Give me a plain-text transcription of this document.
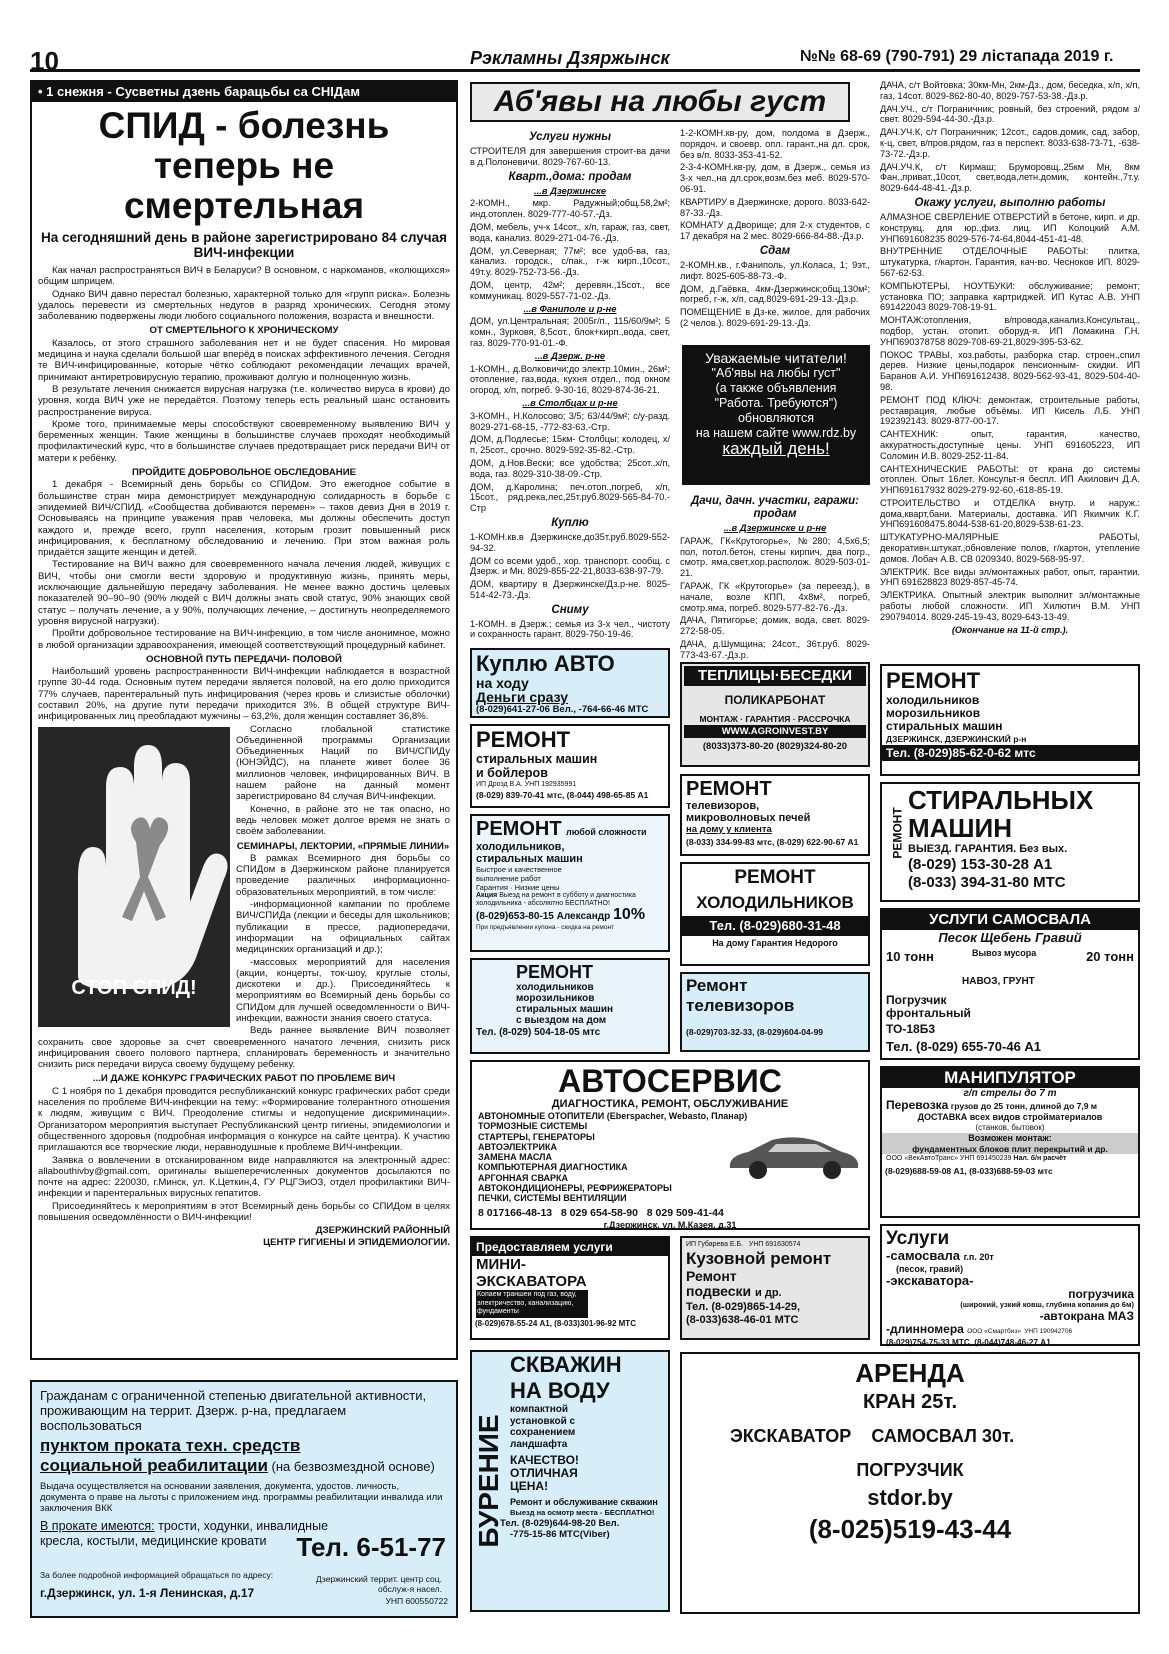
10	Рэкламны Дзяржынск	№№ 68-69 (790-791) 29 лістапада 2019 г.
• 1 снежня - Сусветны дзень барацьбы са СНІДам
СПИД - болезнь теперь не смертельная
На сегодняшний день в районе зарегистрировано 84 случая ВИЧ-инфекции

Как начал распространяться ВИЧ в Беларуси? В основном, с наркоманов, «колющихся» общим шприцем.

Однако ВИЧ давно перестал болезнью, характерной только для «групп риска». Болезнь удалось перевести из смертельных недугов в разряд хронических. Сегодня этому заболеванию подвержены люди любого социального положения, возраста и внешности.

ОТ СМЕРТЕЛЬНОГО К ХРОНИЧЕСКОМУ

Казалось, от этого страшного заболевания нет и не будет спасения. Но мировая медицина и наука сделали большой шаг вперёд в поисках эффективного лечения. Сегодня те ВИЧ-инфицированные, которые чётко соблюдают рекомендации лечащих врачей, принимают антиретровирусную терапию, проживают долгую и полноценную жизнь.

В результате лечения снижается вирусная нагрузка (т.е. количество вируса в крови) до уровня, когда ВИЧ уже не передаётся. Поэтому теперь есть реальный шанс остановить распространение вируса.

Кроме того, принимаемые меры способствуют своевременному выявлению ВИЧ у беременных женщин. Такие женщины в большинстве случаев проходят необходимый профилактический курс, что в большинстве случаев предотвращает риск передачи ВИЧ от матери к ребёнку.

ПРОЙДИТЕ ДОБРОВОЛЬНОЕ ОБСЛЕДОВАНИЕ

1 декабря - Всемирный день борьбы со СПИДом. Это ежегодное событие в большинстве стран мира демонстрирует международную солидарность в борьбе с эпидемией ВИЧ/СПИД. «Сообщества добиваются перемен» – таков девиз Дня в 2019 г. Основываясь на принципе уважения прав человека, мы должны обеспечить доступ каждого и, прежде всего, групп населения, которым грозит повышенный риск инфицирования, к бесплатному обследованию и лечению. При этом важная роль придаётся защите женщин и детей.

Тестирование на ВИЧ важно для своевременного начала лечения людей, живущих с ВИЧ, чтобы они смогли вести здоровую и продуктивную жизнь, принять меры, исключающие дальнейшую передачу заболевания. Не менее важно достичь целевых показателей 90–90–90 (90% людей с ВИЧ должны знать свой статус, 90% знающих свой статус – получать лечение, а у 90%, получающих лечение, – достигнуть неопределяемого уровня вирусной нагрузки).

Пройти добровольное тестирование на ВИЧ-инфекцию, в том числе анонимное, можно в любой организации здравоохранения, имеющей соответствующий процедурный кабинет.

ОСНОВНОЙ ПУТЬ ПЕРЕДАЧИ- ПОЛОВОЙ

Наибольший уровень распространенности ВИЧ-инфекции наблюдается в возрастной группе 30-44 года. Основным путем передачи является половой, на его долю приходится 77% случаев, парентеральный путь инфицирования (через кровь и слизистые оболочки) составил 20%, на другие пути передачи приходится 3%. В общей структуре ВИЧ-инфицированных лиц преобладают мужчины – 63,2%, доля женщин составляет 36,8%.

СТОП СПИД!

Согласно глобальной статистике Объединенной программы Организации Объединенных Наций по ВИЧ/СПИДу (ЮНЭЙДС), на планете живет более 36 миллионов человек, инфицированных ВИЧ. В нашем районе на данный момент зарегистрировано 84 случая ВИЧ-инфекции.

Конечно, в районе это не так опасно, но ведь человек может долгое время не знать о своём заболевании.

СЕМИНАРЫ, ЛЕКТОРИИ, «ПРЯМЫЕ ЛИНИИ»

В рамках Всемирного дня борьбы со СПИДом в Дзержинском районе планируется проведение различных информационно-образовательных мероприятий, в том числе:

-информационной кампании по проблеме ВИЧ/СПИДа (лекции и беседы для школьников; публикации в прессе, радиопередачи, информации на официальных сайтах медицинских организаций и др.);

-массовых мероприятий для населения (акции, концерты, ток-шоу, круглые столы, дискотеки и др.). Присоединяйтесь к мероприятиям во Всемирный день борьбы со СПИДом для лучшей осведомленности о ВИЧ-инфекции, важности знания своего статуса.

Ведь раннее выявление ВИЧ позволяет сохранить свое здоровье за счет своевременного начатого лечения, снизить риск инфицирования своего полового партнера, спланировать беременность и значительно снизить риск передачи вируса своему будущему ребенку.

...И ДАЖЕ КОНКУРС ГРАФИЧЕСКИХ РАБОТ ПО ПРОБЛЕМЕ ВИЧ

С 1 ноября по 1 декабря проводится республиканский конкурс графических работ среди населения по проблеме ВИЧ-инфекции на тему: «Формирование толерантного отношения к людям, живущим с ВИЧ. Преодоление стигмы и недопущение дискриминации». Организатором мероприятия выступает Республиканский центр гигиены, эпидемиологии и общественного здоровья (подробная информация о конкурсе на сайте центра). К участию приглашаются все творческие люди, неравнодушные к проблеме ВИЧ-инфекции.

Заявка о вовлечении в отсканированном виде направляются на электронный адрес: allabouthivby@gmail.com, оригиналы вышеперечисленных документов досылаются по почте на адрес: 220030, г.Минск, ул. К.Цеткин,4, ГУ РЦГЭиОЗ, отдел профилактики ВИЧ-инфекции и парентеральных вирусных гепатитов.

Присоединяйтесь к мероприятиям в этот Всемирный день борьбы со СПИДом в целях повышения осведомлённости о ВИЧ-инфекции!

ДЗЕРЖИНСКИЙ РАЙОННЫЙ
ЦЕНТР ГИГИЕНЫ И ЭПИДЕМИОЛОГИИ.
Гражданам с ограниченной степенью двигательной активности, проживающим на террит. Дзерж. р-на, предлагаем воспользоваться
пунктом проката техн. средств
социальной реабилитации (на безвозмездной основе)
Выдача осуществляется на основании заявления, документа, удостов. личность, документа о праве на льготы с приложением инд. программы реабилитации инвалида или заключения ВКК
В прокате имеются: трости, ходунки, инвалидные кресла, костыли, медицинские кровати	Тел. 6-51-77
За более подробной информацией обращаться по адресу:
г.Дзержинск, ул. 1-я Ленинская, д.17
Дзержинский террит. центр соц. обслуж-я насел.
УНП 600550722
Аб'явы на любы густ
Услуги нужны

СТРОИТЕЛЯ для завершения строит-ва дачи в д.Полоневичи. 8029-767-60-13.

Кварт.,дома: продам
...в Дзержинске

2-КОМН., мкр. Радужный;общ.58,2м²; инд.отоплен. 8029-777-40-57.-Дз.

ДОМ, мебель, уч-к 14сот., х/п, гараж, газ, свет, вода, канализ. 8029-271-04-76.-Дз.

ДОМ, ул.Северная; 77м²; все удоб-ва, газ, канализ. городск., с/пак., г-ж кирп.,10сот., 49т.у. 8029-752-73-56.-Дз.

ДОМ, центр, 42м²; деревян.,15сот., все коммуникац. 8029-557-71-02.-Дз.

...в Фаниполе и р-не

ДОМ, ул.Центральная; 2005г/п., 115/60/9м²; 5 комн., Зурковя, 8,5сот., блок+кирп.,вода, свет, газ. 8029-770-91-01.-Ф.

...в Дзерж. р-не

1-КОМН., д.Волковичи;до электр.10мин., 26м²; отопление, газ,вода, кухня отдел., под окном огород, х/п, погреб. 9-30-16, 8029-874-36-21.

...в Столбцах и р-не

3-КОМН., Н.Колосово; 3/5; 63/44/9м²; с/у-разд. 8029-271-68-15, -772-83-63.-Стр.

ДОМ, д.Подлесье; 15км- Столбцы; колодец, х/п, 25сот., срочно. 8029-592-35-82.-Стр.

ДОМ, д.Нов.Вески; все удобства; 25сот.,х/п, вода, газ. 8029-310-38-09.-Стр.

ДОМ, д.Каролина; печ.отоп.,погреб, х/п, 15сот., ряд.река,лес,25т.руб.8029-565-84-70.-Стр

Куплю

1-КОМН.кв.в Дзержинске,до35т.руб.8029-552-94-32.

ДОМ со всеми удоб., хор. транспорт. сообщ. с Дзерж. и Мн. 8029-855-22-21,8033-638-97-79.

ДОМ, квартиру в Дзержинске/Дз.р-не. 8025-514-42-73.-Дз.

Сниму

1-КОМН. в Дзерж.; семья из 3-х чел., чистоту и сохранность гарант. 8029-750-19-46.

1-2-КОМН.кв-ру, дом, полдома в Дзерж., порядоч. и своевр. опл. гарант.,на дл. срок, без в/п. 8033-353-41-52.

2-3-4-КОМН.кв-ру, дом, в Дзерж., семья из 3-х чел.,на дл.срок,возм.без меб. 8029-570-06-91.

КВАРТИРУ в Дзержинске, дорого. 8033-642-87-33.-Дз.

КОМНАТУ д.Дворище; для 2-х студентов, с 17 декабря на 2 мес. 8029-666-84-88.-Дз.р.

Сдам

2-КОМН.кв., г.Фаниполь, ул.Коласа, 1; 9эт., лифт. 8025-605-88-73.-Ф.

ДОМ, д.Гаёвка, 4км-Дзержинск;общ.130м²; погреб, г-ж, х/п, сад.8029-691-29-13.-Дз.р.

ПОМЕЩЕНИЕ в Дз-ке, жилое, для рабочих (2 челов.). 8029-691-29-13.-Дз.

Уважаемые читатели!
"Аб'явы на любы густ"
(а также объявления
"Работа. Требуются")
обновляются
на нашем сайте www.rdz.by
каждый день!
Дачи, дачн. участки, гаражи: продам
...в Дзержинске и р-не

ГАРАЖ, ГК«Крутогорье», №280; 4,5х6,5; пол, потол.бетон, стены кирпич, два погр., смотр. яма,свет,хор.располож. 8029-503-01-21.

ГАРАЖ, ГК «Крутогорье» (за переезд.), в начале, возле КПП, 4х8м², погреб, смотр.яма, погреб. 8029-577-82-76.-Дз.

ДАЧА, Пятигорье; домик, вода, свет. 8029-272-58-05.

ДАЧА, д.Шумщина; 24сот., 36т.руб. 8029-773-43-67.-Дз.р.

ДАЧА, с/т Войтовка; 30км-Мн, 2км-Дз., дом, беседка, х/п, х/п, газ, 14сот. 8029-862-80-40, 8029-757-53-38.-Дз.р.

ДАЧ.УЧ., с/т Пограничник; ровный, без строений, рядом з/свет. 8029-594-44-30.-Дз.р.

ДАЧ.УЧ.К, с/т Пограничник; 12сот., садов.домик, сад, забор, к-ц, свет, в/пров.рядом, газ в перспект. 8033-638-73-71, -638-73-72.-Дз.р.

ДАЧ.УЧ.К, с/т Кирмаш; Бруморовщ.,25км Мн, 8км Фан.,приват.,10сот, свет,вода,летн.домик, контейн.,7т.у. 8029-644-48-41.-Дз.р.

Окажу услуги, выполню работы

АЛМАЗНОЕ СВЕРЛЕНИЕ ОТВЕРСТИЙ в бетоне, кирп. и др. конструкц. для юр.,физ. лиц. ИП Колоцкий А.М. УНП691608235 8029-576-74-64,8044-451-41-48.

ВНУТРЕННИЕ ОТДЕЛОЧНЫЕ РАБОТЫ: плитка, штукатурка, г/картон. Гарантия, кач-во. Чесноков ИП. 8029-567-62-53.

КОМПЬЮТЕРЫ, НОУТБУКИ: обслуживание; ремонт; установка ПО; заправка картриджей. ИП Кутас А.В. УНП 691422043 8029-708-19-91.

МОНТАЖ:отопления, в/провода,канализ.Консультац., подбор, устан. отопит. оборуд-я. ИП Ломакина Г.Н. УНП690378758 8029-708-69-21,8029-395-53-62.

ПОКОС ТРАВЫ, хоз.работы, разборка стар. строен.,спил дерев. Низкие цены,подарок пенсионным- скидки. ИП Баранов А.И. УНП691612438. 8029-562-93-41, 8029-504-40-98.

РЕМОНТ ПОД КЛЮЧ: демонтаж, строительные работы, реставрация, любые объёмы. ИП Кисель Л.Б. УНП 192392143. 8029-877-00-17.

САНТЕХНИК: опыт, гарантия, качество, аккуратность,доступные цены. УНП 691605223, ИП Соломин И.В. 8029-252-11-84.

САНТЕХНИЧЕСКИЕ РАБОТЫ: от крана до системы отоплен. Опыт 16лет. Консульт-я беспл. ИП Акилович Д.А. УНП691617932 8029-279-92-60,-618-85-19.

СТРОИТЕЛЬСТВО и ОТДЕЛКА внутр. и наруж.: дома,кварт,бани. Материалы, доставка. ИП Якимчик К.Г. УНП691608475.8044-538-61-20,8029-538-61-23.

ШТУКАТУРНО-МАЛЯРНЫЕ РАБОТЫ, декоративн.штукат.,обновление полов, г/картон, утепление домов. Лобач А.В. СВ 0209340. 8029-568-95-97.

ЭЛЕКТРИК. Все виды эл/монтажных работ, опыт, гарантии. УНП 691628823 8029-857-45-74.

ЭЛЕКТРИКА. Опытный электрик выполнит эл/монтажные работы любой сложности. ИП Хилютич В.М. УНП 290794014. 8029-245-19-43, 8029-643-13-49.

(Окончание на 11-й стр.).

Куплю АВТО
на ходу
Деньги сразу
(8-029)641-27-06 Вел., -764-66-46 МТС
ТЕПЛИЦЫ·БЕСЕДКИ
ПОЛИКАРБОНАТ
МОНТАЖ · ГАРАНТИЯ · РАССРОЧКА
WWW.AGROINVEST.BY
(8033)373-80-20 (8029)324-80-20
РЕМОНТ
холодильников
морозильников
стиральных машин
ДЗЕРЖИНСК, ДЗЕРЖИНСКИЙ р-н
Тел. (8-029)85-62-0-62 мтс
РЕМОНТ
стиральных машин
и бойлеров
ИП Дрозд В.А. УНП 192935991
(8-029) 839-70-41 мтс, (8-044) 498-65-85 А1	РЕМОНТ
телевизоров,
микроволновых печей
на дому у клиента
(8-033) 334-99-83 мтс, (8-029) 622-90-67 А1	РЕМОНТ
СТИРАЛЬНЫХ
МАШИН
ВЫЕЗД. ГАРАНТИЯ. Без вых.
(8-029) 153-30-28 А1
(8-033) 394-31-80 МТС
РЕМОНТ любой сложности
холодильников,
стиральных машин
Быстрое и качественное выполнение работ
Гарантия · Низкие цены
Акция Выезд на ремонт в субботу и диагностика холодильника - абсолютно БЕСПЛАТНО!
(8-029)653-80-15 Александр 10%
При предъявлении купона - скидка на ремонт
РЕМОНТ
ХОЛОДИЛЬНИКОВ
Тел. (8-029)680-31-48
На дому Гарантия Недорого
УСЛУГИ САМОСВАЛА
Песок Щебень Гравий
10 тонн	20 тонн
Вывоз мусора
НАВОЗ, ГРУНТ
Погрузчик фронтальный
ТО-18Б3
Тел. (8-029) 655-70-46 А1
РЕМОНТ
холодильников
морозильников
стиральных машин
с выездом на дом
Тел. (8-029) 504-18-05 мтс
Ремонт
телевизоров
(8-029)703-32-33, (8-029)604-04-99
АВТОСЕРВИС
ДИАГНОСТИКА, РЕМОНТ, ОБСЛУЖИВАНИЕ
АВТОНОМНЫЕ ОТОПИТЕЛИ (Eberspacher, Webasto, Планар)
ТОРМОЗНЫЕ СИСТЕМЫ
СТАРТЕРЫ, ГЕНЕРАТОРЫ
АВТОЭЛЕКТРИКА
ЗАМЕНА МАСЛА
КОМПЬЮТЕРНАЯ ДИАГНОСТИКА
АРГОННАЯ СВАРКА
АВТОКОНДИЦИОНЕРЫ, РЕФРИЖЕРАТОРЫ
ПЕЧКИ, СИСТЕМЫ ВЕНТИЛЯЦИИ
8 017166-48-13 8 029 654-58-90 8 029 509-41-44
г.Дзержинск, ул. М.Казея, д.31
МАНИПУЛЯТОР
г/п стрелы до 7 т
Перевозка грузов до 25 тонн, длиной до 7,9 м
ДОСТАВКА всех видов стройматериалов
(станков, бытовок)
Возможен монтаж:
фундаментных блоков плит перекрытий и др.
ООО «ВекАвтоТранс» УНП 691450239 Нал. б/н расчёт
(8-029)688-59-08 А1, (8-033)688-59-03 мтс
Предоставляем услуги
МИНИ-
ЭКСКАВАТОРА
Копаем траншеи под газ, воду, электричество, канализацию, фундаменты
(8-029)678-55-24 А1, (8-033)301-96-92 МТС
ИП Губарева Е.Б. УНП 691630574
Кузовной ремонт
Ремонт
подвески и др.
Тел. (8-029)865-14-29,
(8-033)638-46-01 МТС
Услуги
-самосвала г.п. 20т
(песок, гравий)
-экскаватора-
погрузчика
(широкий, узкий ковш, глубина копания до 6м)
-автокрана МАЗ
-длинномера ООО «Смартбиз» УНП 190942706
(8-029)754-75-33 МТС, (8-044)748-46-27 А1
БУРЕНИЕ
СКВАЖИН
НА ВОДУ
компактной установкой с сохранением ландшафта
КАЧЕСТВО! ОТЛИЧНАЯ ЦЕНА!
Ремонт и обслуживание скважин
Выезд на осмотр места - БЕСПЛАТНО!
Тел. (8-029)644-98-20 Вел.
-775-15-86 МТС(Viber)
АРЕНДА
КРАН 25т.
ЭКСКАВАТОР САМОСВАЛ 30т.
ПОГРУЗЧИК
stdor.by
(8-025)519-43-44
